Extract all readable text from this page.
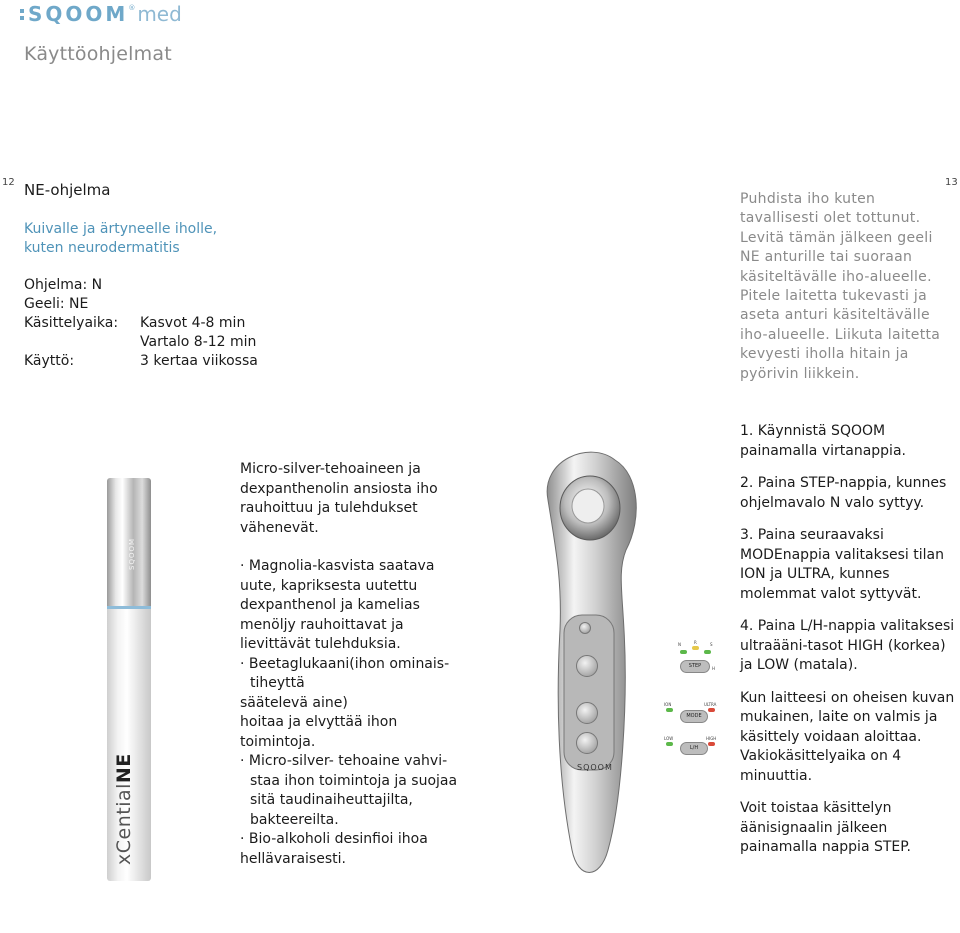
SQOOM® med
Käyttöohjelmat
12	13
NE-ohjelma
Kuivalle ja ärtyneelle iholle, kuten neurodermatitis
Ohjelma: N
Geeli: NE
Käsittelyaika: Kasvot 4-8 min
Vartalo 8-12 min
Käyttö:	3 kertaa viikossa
Puhdista iho kuten tavallisesti olet tottunut. Levitä tämän jälkeen geeli NE anturille tai suoraan käsiteltävälle iho-alueelle. Pitele laitetta tukevasti ja aseta anturi käsiteltävälle iho-alueelle. Liikuta laitetta kevyesti iholla hitain ja pyörivin liikkein.
SQOOM
xCentialNE

Micro-silver-tehoaineen ja dexpanthenolin ansiosta iho rauhoittuu ja tulehdukset vähenevät.

· Magnolia-kasvista saatava uute, kapriksesta uutettu dexpanthenol ja kamelias menöljy rauhoittavat ja lievittävät tulehduksia.

· Beetaglukaani(ihon ominais-

tiheyttä

säätelevä aine)

hoitaa ja elvyttää ihon toimintoja.

· Micro-silver- tehoaine vahvi-

staa ihon toimintoja ja suojaa sitä taudinaiheuttajilta, bakteereilta.

· Bio-alkoholi desinfioi ihoa hellävaraisesti.

SQOOM
N	R	S
H
STEP
ION	ULTRA
MODE
LOW	HIGH
L/H

1. Käynnistä SQOOM painamalla virtanappia.

2. Paina STEP-nappia, kunnes ohjelmavalo N valo syttyy.

3. Paina seuraavaksi MODEnappia valitaksesi tilan ION ja ULTRA, kunnes molemmat valot syttyvät.

4. Paina L/H-nappia valitaksesi ultraääni-tasot HIGH (korkea) ja LOW (matala).

Kun laitteesi on oheisen kuvan mukainen, laite on valmis ja käsittely voidaan aloittaa. Vakiokäsittelyaika on 4 minuuttia.

Voit toistaa käsittelyn äänisignaalin jälkeen painamalla nappia STEP.
